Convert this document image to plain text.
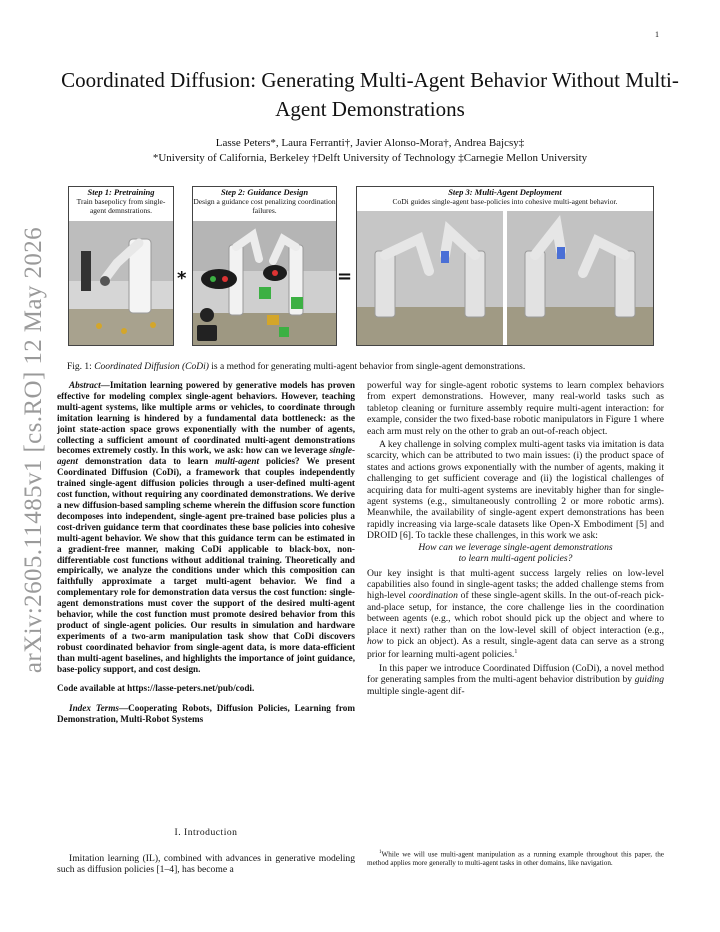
1
arXiv:2605.11485v1 [cs.RO] 12 May 2026
Coordinated Diffusion: Generating Multi-Agent Behavior Without Multi-Agent Demonstrations
Lasse Peters*, Laura Ferranti†, Javier Alonso-Mora†, Andrea Bajcsy‡
*University of California, Berkeley †Delft University of Technology ‡Carnegie Mellon University
Step 1: Pretraining
Train basepolicy from single-agent demnstrations.
*
Step 2: Guidance Design
Design a guidance cost penalizing coordination failures.
=
Step 3: Multi-Agent Deployment
CoDi guides single-agent base-policies into cohesive multi-agent behavior.
Fig. 1: Coordinated Diffusion (CoDi) is a method for generating multi-agent behavior from single-agent demonstrations.

Abstract—Imitation learning powered by generative models has proven effective for modeling complex single-agent behaviors. However, teaching multi-agent systems, like multiple arms or vehicles, to coordinate through imitation learning is hindered by a fundamental data bottleneck: as the joint state-action space grows exponentially with the number of agents, collecting a sufficient amount of coordinated multi-agent demonstrations becomes extremely costly. In this work, we ask: how can we leverage single-agent demonstration data to learn multi-agent policies? We present Coordinated Diffusion (CoDi), a framework that couples independently trained single-agent diffusion policies through a user-defined multi-agent cost function, without requiring any coordinated demonstrations. We derive a new diffusion-based sampling scheme wherein the diffusion score function decomposes into independent, single-agent pre-trained base policies plus a cost-driven guidance term that coordinates these base policies into cohesive multi-agent behavior. We show that this guidance term can be estimated in a gradient-free manner, making CoDi applicable to black-box, non-differentiable cost functions without additional training. Theoretically and empirically, we analyze the conditions under which this composition can faithfully approximate a target multi-agent behavior. We find a complementary role for demonstration data versus the cost function: single-agent demonstrations must cover the support of the desired multi-agent behavior, while the cost function must promote desired behavior from this product of single-agent policies. Our results in simulation and hardware experiments of a two-arm manipulation task show that CoDi discovers robust coordinated behavior from single-agent data, is more data-efficient than multi-agent baselines, and highlights the importance of joint guidance, base-policy support, and cost design.

Code available at https://lasse-peters.net/pub/codi.

Index Terms—Cooperating Robots, Diffusion Policies, Learning from Demonstration, Multi-Robot Systems

I. Introduction
Imitation learning (IL), combined with advances in generative modeling such as diffusion policies [1–4], has become a

powerful way for single-agent robotic systems to learn complex behaviors from expert demonstrations. However, many real-world tasks such as tabletop cleaning or furniture assembly require multi-agent interaction: for example, consider the two fixed-base robotic manipulators in Figure 1 where each arm must rely on the other to grab an out-of-reach object.

A key challenge in solving complex multi-agent tasks via imitation is data scarcity, which can be attributed to two main issues: (i) the product space of states and actions grows exponentially with the number of agents, making it challenging to get sufficient coverage and (ii) the logistical challenges of acquiring data for multi-agent systems are inevitably higher than for single-agent systems (e.g., simultaneously controlling 2 or more robotic arms). Meanwhile, the availability of single-agent expert demonstrations has been rapidly increasing via large-scale datasets like Open-X Embodiment [5] and DROID [6]. To tackle these challenges, in this work we ask:

How can we leverage single-agent demonstrations

to learn multi-agent policies?

Our key insight is that multi-agent success largely relies on low-level capabilities also found in single-agent tasks; the added challenge stems from high-level coordination of these single-agent skills. In the out-of-reach pick-and-place setup, for instance, the core challenge lies in the coordination between agents (e.g., which robot should pick up the object and where to place it next) rather than on the low-level skill of object interaction (e.g., how to pick an object). As a result, single-agent data can serve as a strong prior for learning multi-agent policies.$^1$

In this paper we introduce Coordinated Diffusion (CoDi), a novel method for generating samples from the multi-agent behavior distribution by guiding multiple single-agent dif-

$^1$While we will use multi-agent manipulation as a running example throughout this paper, the method applies more generally to multi-agent tasks in other domains, like navigation.
